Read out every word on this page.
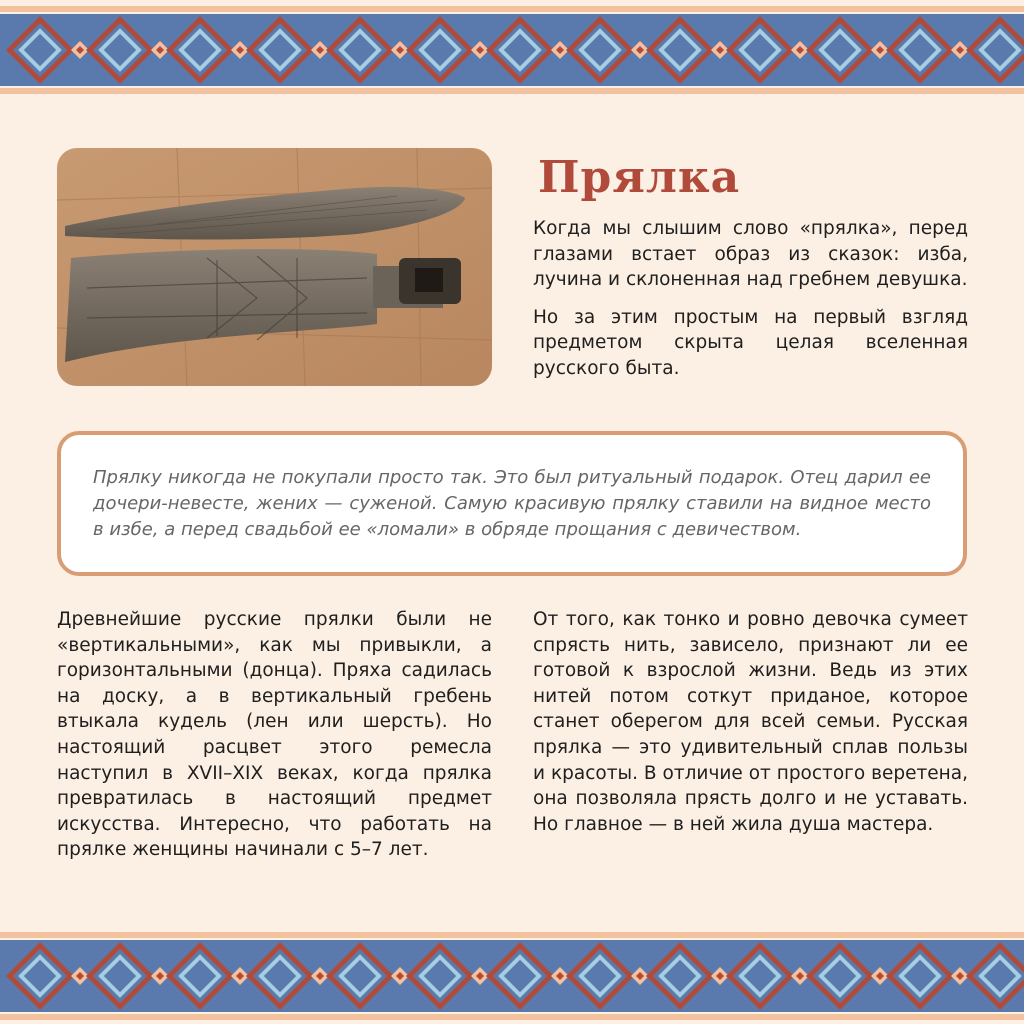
Прялка

Когда мы слышим слово «прялка», перед глазами встает образ из сказок: изба, лучина и склоненная над гребнем девушка.

Но за этим простым на первый взгляд предметом скрыта целая вселенная русского быта.

Прялку никогда не покупали просто так. Это был ритуальный подарок. Отец дарил ее дочери-невесте, жених — суженой. Самую красивую прялку ставили на видное место в избе, а перед свадьбой ее «ломали» в обряде прощания с девичеством.

Древнейшие русские прялки были не «вертикальными», как мы привыкли, а горизонтальными (донца). Пряха садилась на доску, а в вертикальный гребень втыкала кудель (лен или шерсть). Но настоящий расцвет этого ремесла наступил в XVII–XIX веках, когда прялка превратилась в настоящий предмет искусства. Интересно, что работать на прялке женщины начинали с 5–7 лет.

От того, как тонко и ровно девочка сумеет спрясть нить, зависело, признают ли ее готовой к взрослой жизни. Ведь из этих нитей потом соткут приданое, которое станет оберегом для всей семьи. Русская прялка — это удивительный сплав пользы и красоты. В отличие от простого веретена, она позволяла прясть долго и не уставать. Но главное — в ней жила душа мастера.
